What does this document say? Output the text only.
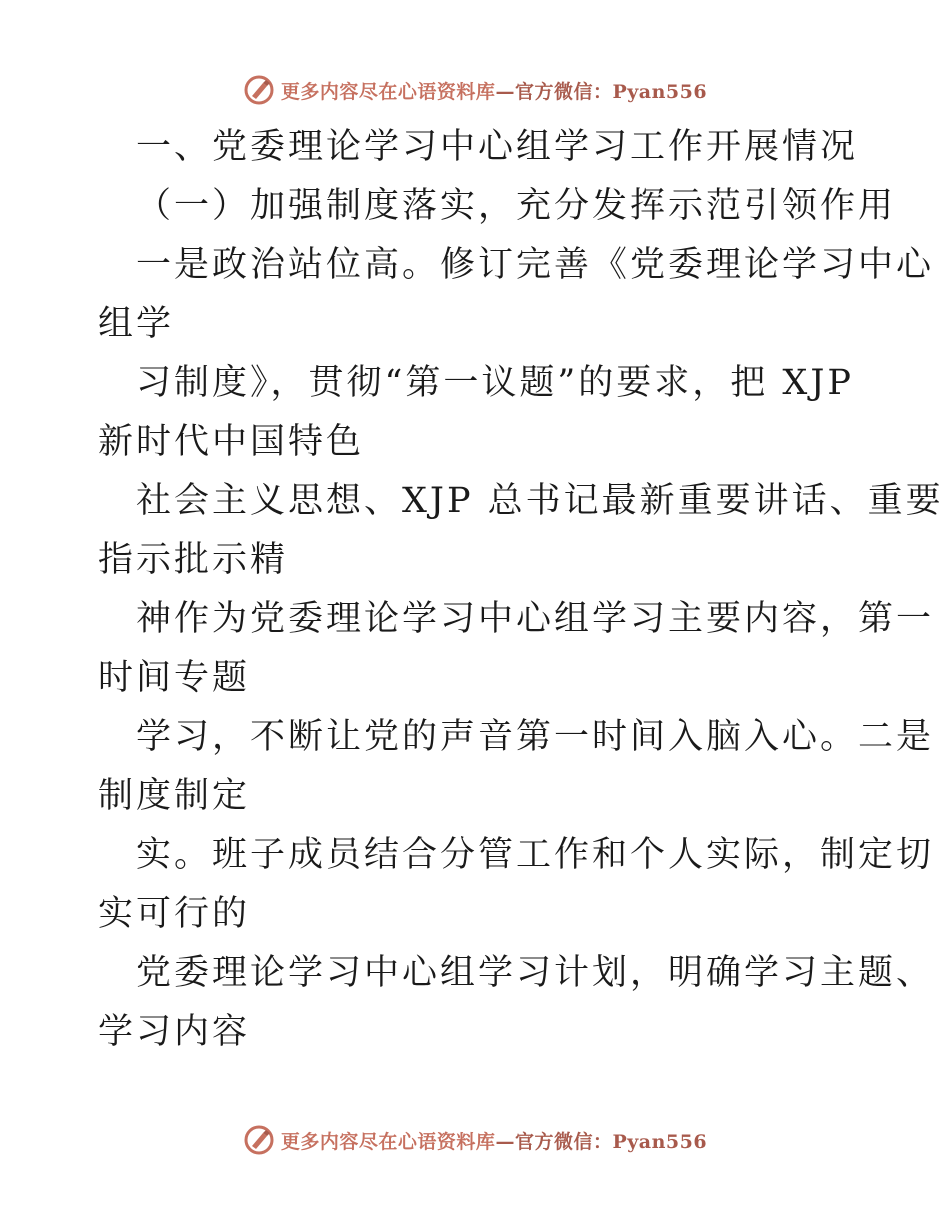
更多内容尽在心语资料库—官方微信：Pyan556
一、党委理论学习中心组学习工作开展情况
（一）加强制度落实，充分发挥示范引领作用
一是政治站位高。修订完善《党委理论学习中心
组学
习制度》，贯彻“第一议题”的要求，把 XJP
新时代中国特色
社会主义思想、XJP 总书记最新重要讲话、重要
指示批示精
神作为党委理论学习中心组学习主要内容，第一
时间专题
学习，不断让党的声音第一时间入脑入心。二是
制度制定
实。班子成员结合分管工作和个人实际，制定切
实可行的
党委理论学习中心组学习计划，明确学习主题、
学习内容
更多内容尽在心语资料库—官方微信：Pyan556
